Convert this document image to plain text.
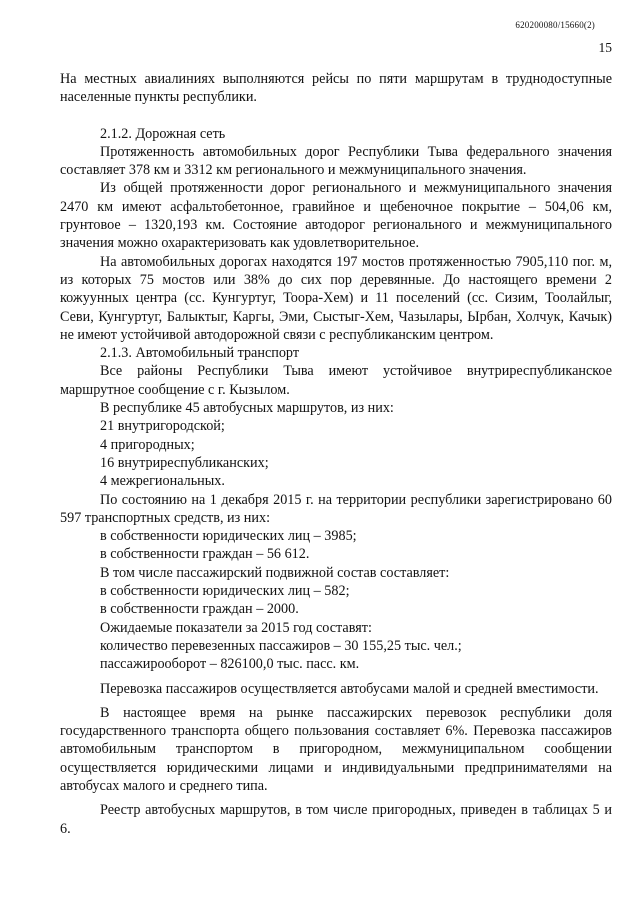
620200080/15660(2)
15

На местных авиалиниях выполняются рейсы по пяти маршрутам в труднодоступные населенные пункты республики.

2.1.2. Дорожная сеть

Протяженность автомобильных дорог Республики Тыва федерального значения составляет 378 км и 3312 км регионального и межмуниципального значения.

Из общей протяженности дорог регионального и межмуниципального значения 2470 км имеют асфальтобетонное, гравийное и щебеночное покрытие – 504,06 км, грунтовое – 1320,193 км. Состояние автодорог регионального и межмуниципального значения можно охарактеризовать как удовлетворительное.

На автомобильных дорогах находятся 197 мостов протяженностью 7905,110 пог. м, из которых 75 мостов или 38% до сих пор деревянные. До настоящего времени 2 кожуунных центра (сс. Кунгуртуг, Тоора-Хем) и 11 поселений (сс. Сизим, Тоолайлыг, Севи, Кунгуртуг, Балыктыг, Каргы, Эми, Сыстыг-Хем, Чазылары, Ырбан, Холчук, Качык) не имеют устойчивой автодорожной связи с республиканским центром.

2.1.3. Автомобильный транспорт

Все районы Республики Тыва имеют устойчивое внутриреспубликанское маршрутное сообщение с г. Кызылом.

В республике 45 автобусных маршрутов, из них:

21 внутригородской;

4 пригородных;

16 внутриреспубликанских;

4 межрегиональных.

По состоянию на 1 декабря 2015 г. на территории республики зарегистрировано 60 597 транспортных средств, из них:

в собственности юридических лиц – 3985;

в собственности граждан – 56 612.

В том числе пассажирский подвижной состав составляет:

в собственности юридических лиц – 582;

в собственности граждан – 2000.

Ожидаемые показатели за 2015 год составят:

количество перевезенных пассажиров – 30 155,25 тыс. чел.;

пассажирооборот – 826100,0 тыс. пасс. км.

Перевозка пассажиров осуществляется автобусами малой и средней вместимости.

В настоящее время на рынке пассажирских перевозок республики доля государственного транспорта общего пользования составляет 6%. Перевозка пассажиров автомобильным транспортом в пригородном, межмуниципальном сообщении осуществляется юридическими лицами и индивидуальными предпринимателями на автобусах малого и среднего типа.

Реестр автобусных маршрутов, в том числе пригородных, приведен в таблицах 5 и 6.
